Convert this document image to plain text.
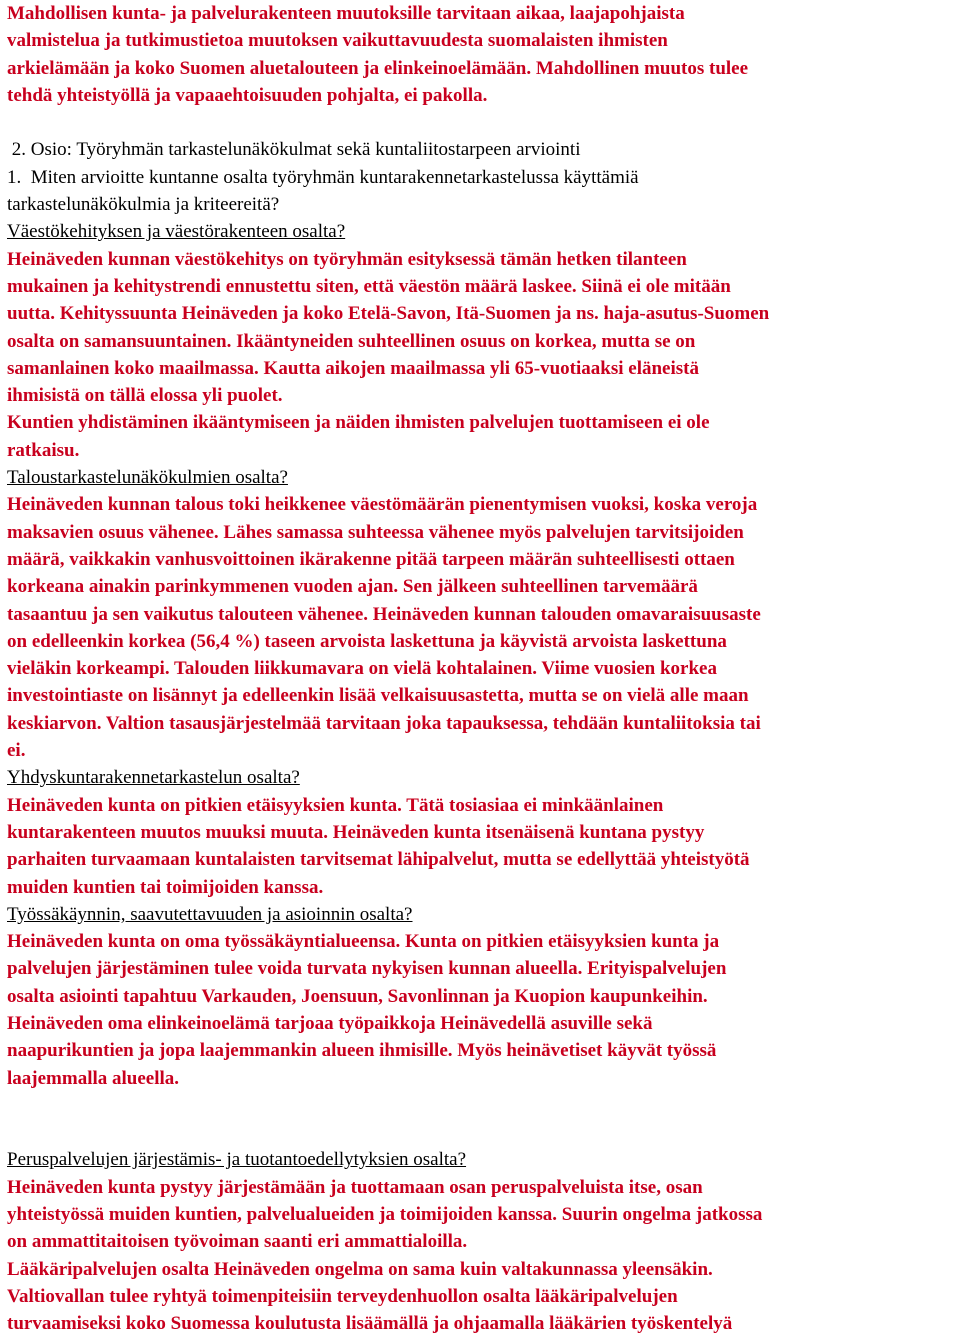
Mahdollisen kunta- ja palvelurakenteen muutoksille tarvitaan aikaa, laajapohjaista
valmistelua ja tutkimustietoa muutoksen vaikuttavuudesta suomalaisten ihmisten
arkielämään ja koko Suomen aluetalouteen ja elinkeinoelämään. Mahdollinen muutos tulee
tehdä yhteistyöllä ja vapaaehtoisuuden pohjalta, ei pakolla.
2. Osio: Työryhmän tarkastelunäkökulmat sekä kuntaliitostarpeen arviointi
1.  Miten arvioitte kuntanne osalta työryhmän kuntarakennetarkastelussa käyttämiä
tarkastelunäkökulmia ja kriteereitä?
Väestökehityksen ja väestörakenteen osalta?
Heinäveden kunnan väestökehitys on työryhmän esityksessä tämän hetken tilanteen
mukainen ja kehitystrendi ennustettu siten, että väestön määrä laskee. Siinä ei ole mitään
uutta. Kehityssuunta Heinäveden ja koko Etelä-Savon, Itä-Suomen ja ns. haja-asutus-Suomen
osalta on samansuuntainen. Ikääntyneiden suhteellinen osuus on korkea, mutta se on
samanlainen koko maailmassa. Kautta aikojen maailmassa yli 65-vuotiaaksi eläneistä
ihmisistä on tällä elossa yli puolet.
Kuntien yhdistäminen ikääntymiseen ja näiden ihmisten palvelujen tuottamiseen ei ole
ratkaisu.
Taloustarkastelunäkökulmien osalta?
Heinäveden kunnan talous toki heikkenee väestömäärän pienentymisen vuoksi, koska veroja
maksavien osuus vähenee. Lähes samassa suhteessa vähenee myös palvelujen tarvitsijoiden
määrä, vaikkakin vanhusvoittoinen ikärakenne pitää tarpeen määrän suhteellisesti ottaen
korkeana ainakin parinkymmenen vuoden ajan. Sen jälkeen suhteellinen tarvemäärä
tasaantuu ja sen vaikutus talouteen vähenee. Heinäveden kunnan talouden omavaraisuusaste
on edelleenkin korkea (56,4 %) taseen arvoista laskettuna ja käyvistä arvoista laskettuna
vieläkin korkeampi. Talouden liikkumavara on vielä kohtalainen. Viime vuosien korkea
investointiaste on lisännyt ja edelleenkin lisää velkaisuusastetta, mutta se on vielä alle maan
keskiarvon. Valtion tasausjärjestelmää tarvitaan joka tapauksessa, tehdään kuntaliitoksia tai
ei.
Yhdyskuntarakennetarkastelun osalta?
Heinäveden kunta on pitkien etäisyyksien kunta. Tätä tosiasiaa ei minkäänlainen
kuntarakenteen muutos muuksi muuta. Heinäveden kunta itsenäisenä kuntana pystyy
parhaiten turvaamaan kuntalaisten tarvitsemat lähipalvelut, mutta se edellyttää yhteistyötä
muiden kuntien tai toimijoiden kanssa.
Työssäkäynnin, saavutettavuuden ja asioinnin osalta?
Heinäveden kunta on oma työssäkäyntialueensa. Kunta on pitkien etäisyyksien kunta ja
palvelujen järjestäminen tulee voida turvata nykyisen kunnan alueella. Erityispalvelujen
osalta asiointi tapahtuu Varkauden, Joensuun, Savonlinnan ja Kuopion kaupunkeihin.
Heinäveden oma elinkeinoelämä tarjoaa työpaikkoja Heinävedellä asuville sekä
naapurikuntien ja jopa laajemmankin alueen ihmisille. Myös heinävetiset käyvät työssä
laajemmalla alueella.
Peruspalvelujen järjestämis- ja tuotantoedellytyksien osalta?
Heinäveden kunta pystyy järjestämään ja tuottamaan osan peruspalveluista itse, osan
yhteistyössä muiden kuntien, palvelualueiden ja toimijoiden kanssa. Suurin ongelma jatkossa
on ammattitaitoisen työvoiman saanti eri ammattialoilla.
Lääkäripalvelujen osalta Heinäveden ongelma on sama kuin valtakunnassa yleensäkin.
Valtiovallan tulee ryhtyä toimenpiteisiin terveydenhuollon osalta lääkäripalvelujen
turvaamiseksi koko Suomessa koulutusta lisäämällä ja ohjaamalla lääkärien työskentelyä
